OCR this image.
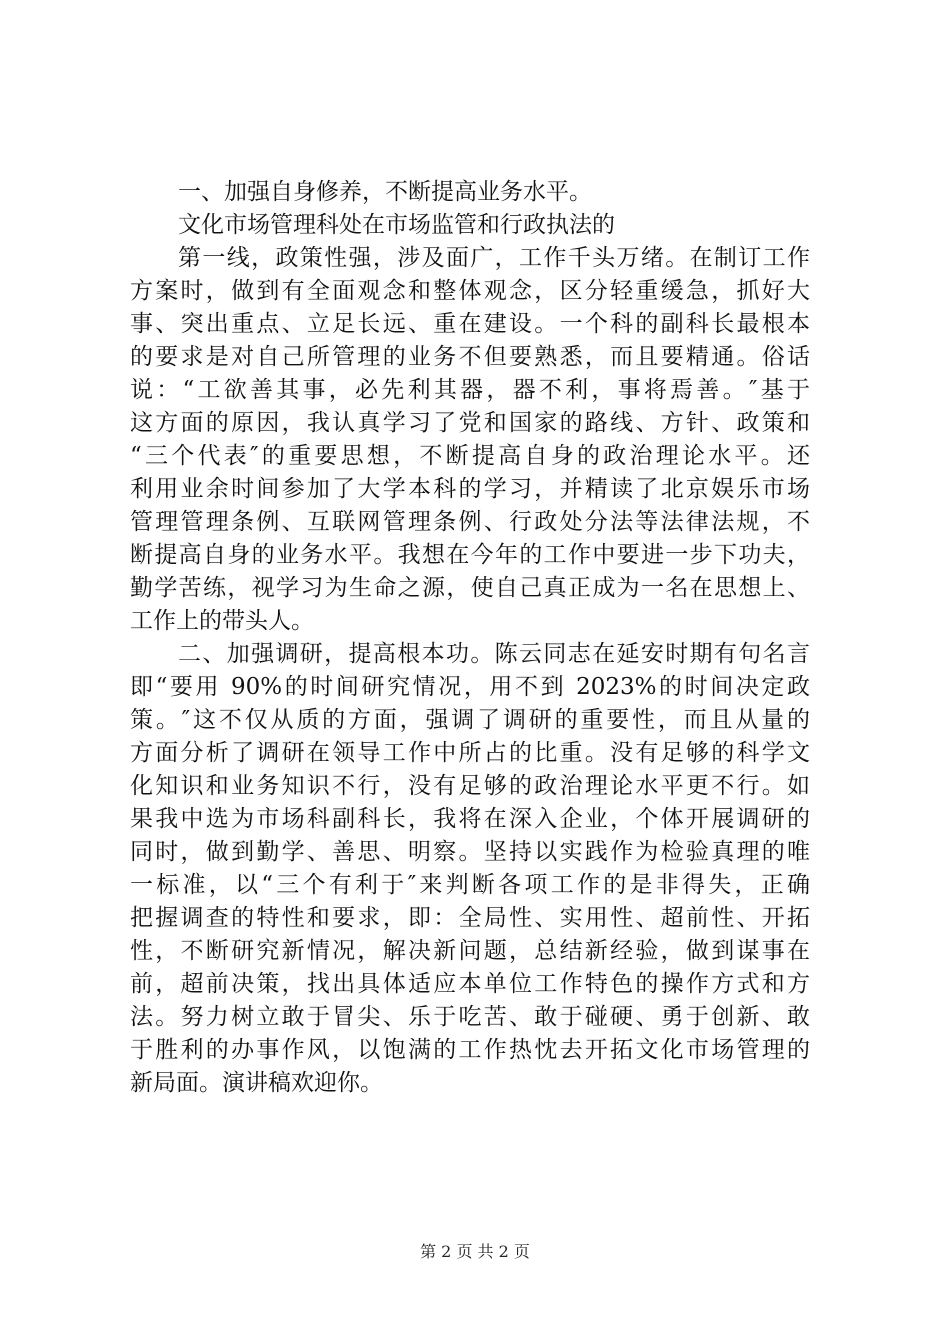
一、加强自身修养，不断提高业务水平。
文化市场管理科处在市场监管和行政执法的
第一线，政策性强，涉及面广，工作千头万绪。在制订工作
方案时，做到有全面观念和整体观念，区分轻重缓急，抓好大
事、突出重点、立足长远、重在建设。一个科的副科长最根本
的要求是对自己所管理的业务不但要熟悉，而且要精通。俗话
说：“工欲善其事，必先利其器，器不利，事将焉善。″基于
这方面的原因，我认真学习了党和国家的路线、方针、政策和
“三个代表″的重要思想，不断提高自身的政治理论水平。还
利用业余时间参加了大学本科的学习，并精读了北京娱乐市场
管理管理条例、互联网管理条例、行政处分法等法律法规，不
断提高自身的业务水平。我想在今年的工作中要进一步下功夫，
勤学苦练，视学习为生命之源，使自己真正成为一名在思想上、
工作上的带头人。
二、加强调研，提高根本功。陈云同志在延安时期有句名言
即“要用 90%的时间研究情况，用不到 2023%的时间决定政
策。″这不仅从质的方面，强调了调研的重要性，而且从量的
方面分析了调研在领导工作中所占的比重。没有足够的科学文
化知识和业务知识不行，没有足够的政治理论水平更不行。如
果我中选为市场科副科长，我将在深入企业，个体开展调研的
同时，做到勤学、善思、明察。坚持以实践作为检验真理的唯
一标准，以“三个有利于″来判断各项工作的是非得失，正确
把握调查的特性和要求，即：全局性、实用性、超前性、开拓
性，不断研究新情况，解决新问题，总结新经验，做到谋事在
前，超前决策，找出具体适应本单位工作特色的操作方式和方
法。努力树立敢于冒尖、乐于吃苦、敢于碰硬、勇于创新、敢
于胜利的办事作风，以饱满的工作热忱去开拓文化市场管理的
新局面。演讲稿欢迎你。
第 2 页 共 2 页
